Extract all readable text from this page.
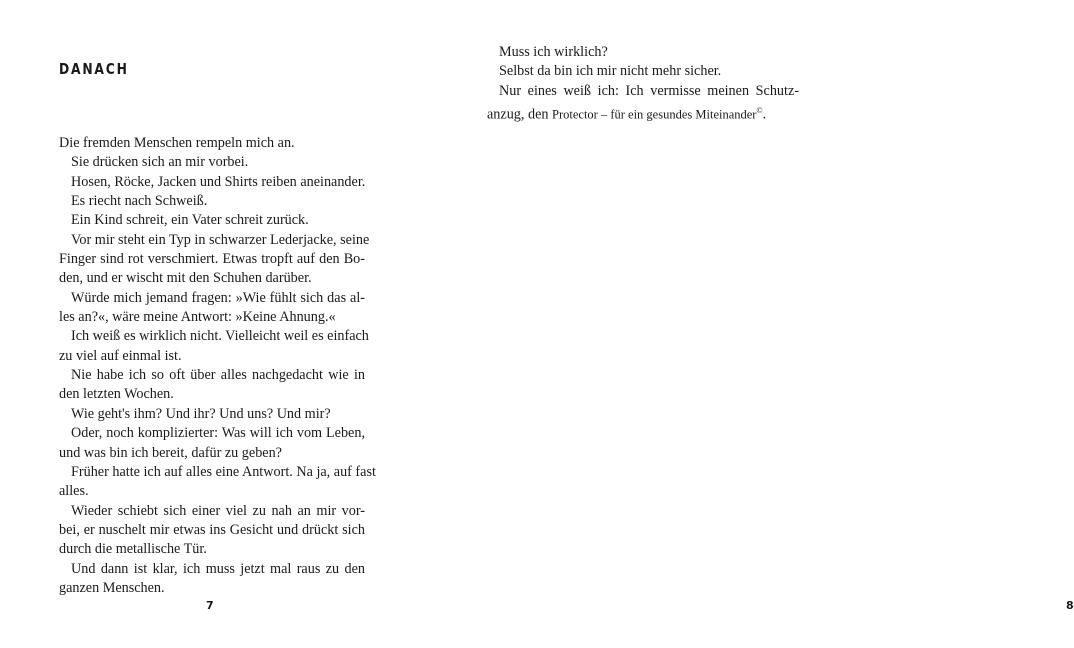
DANACH
Die fremden Menschen rempeln mich an.
Sie drücken sich an mir vorbei.
Hosen, Röcke, Jacken und Shirts reiben aneinander.
Es riecht nach Schweiß.
Ein Kind schreit, ein Vater schreit zurück.
Vor mir steht ein Typ in schwarzer Lederjacke, seine
Finger sind rot verschmiert. Etwas tropft auf den Bo-
den, und er wischt mit den Schuhen darüber.
Würde mich jemand fragen: »Wie fühlt sich das al-
les an?«, wäre meine Antwort: »Keine Ahnung.«
Ich weiß es wirklich nicht. Vielleicht weil es einfach
zu viel auf einmal ist.
Nie habe ich so oft über alles nachgedacht wie in
den letzten Wochen.
Wie geht's ihm? Und ihr? Und uns? Und mir?
Oder, noch komplizierter: Was will ich vom Leben,
und was bin ich bereit, dafür zu geben?
Früher hatte ich auf alles eine Antwort. Na ja, auf fast
alles.
Wieder schiebt sich einer viel zu nah an mir vor-
bei, er nuschelt mir etwas ins Gesicht und drückt sich
durch die metallische Tür.
Und dann ist klar, ich muss jetzt mal raus zu den
ganzen Menschen.
7	8
Muss ich wirklich?
Selbst da bin ich mir nicht mehr sicher.
Nur eines weiß ich: Ich vermisse meinen Schutz-
anzug, den Protector – für ein gesundes Miteinander©.
